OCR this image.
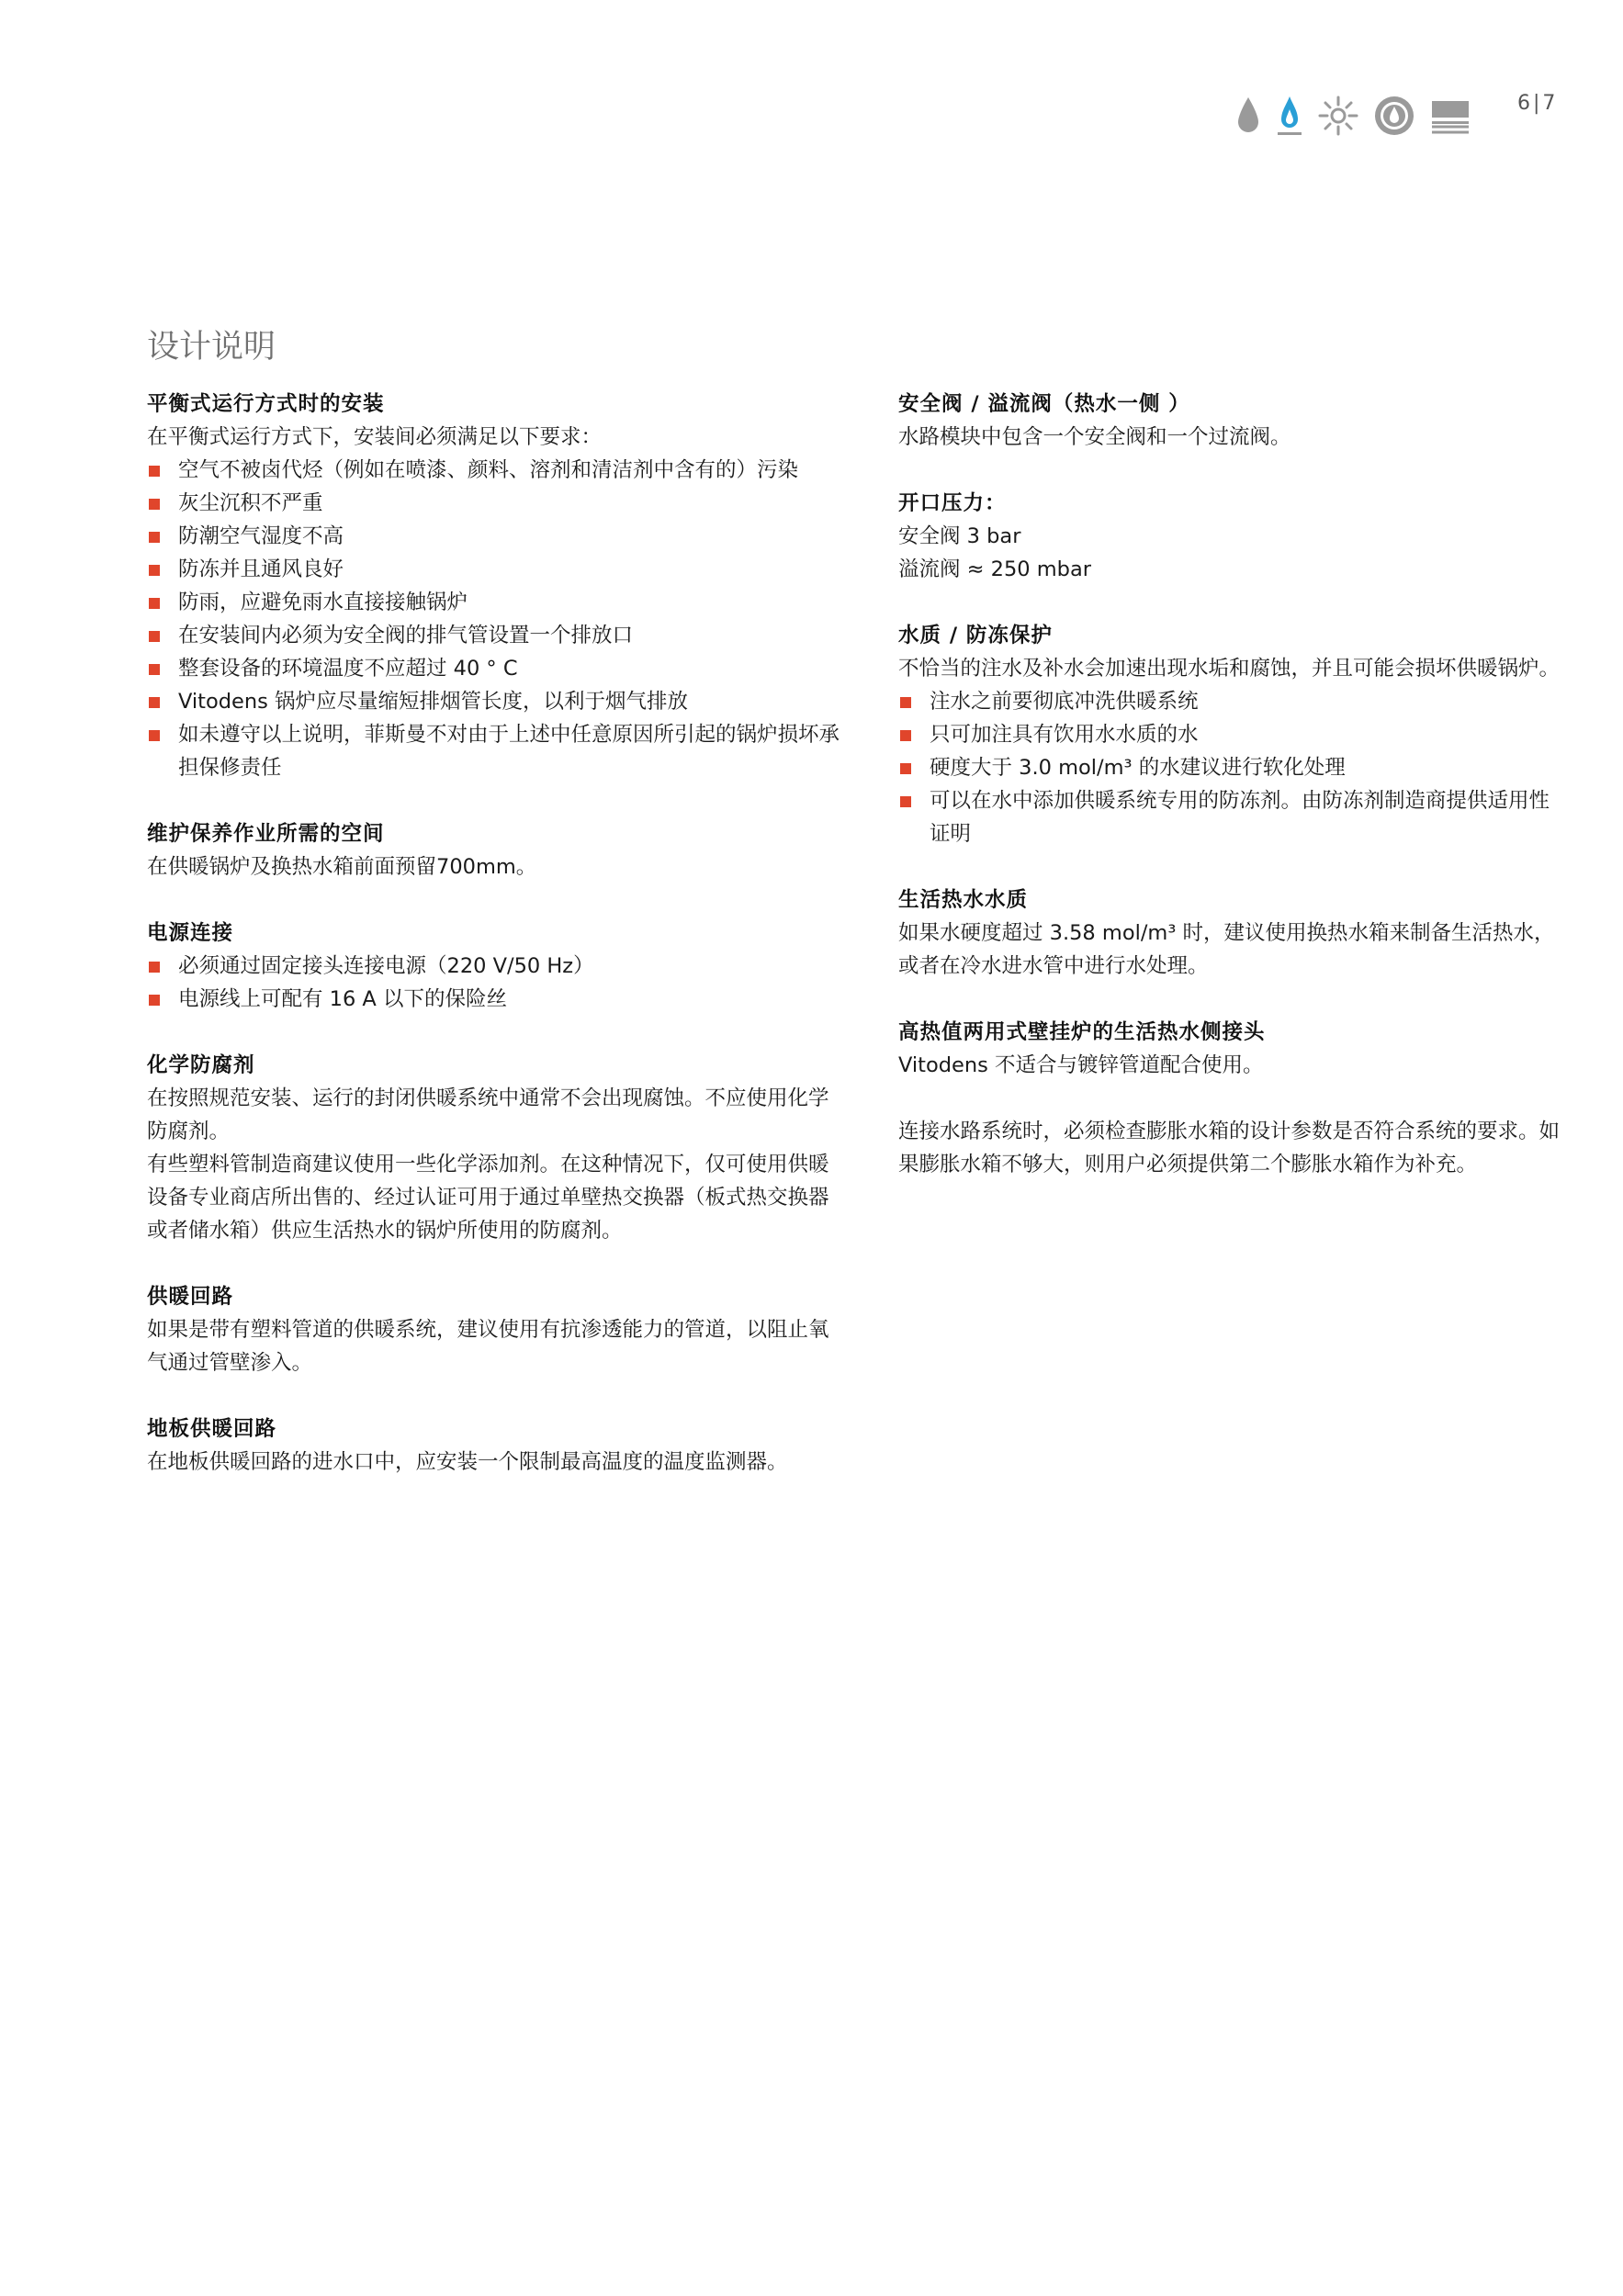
6|7
设计说明
平衡式运行方式时的安装

在平衡式运行方式下，安装间必须满足以下要求：

空气不被卤代烃（例如在喷漆、颜料、溶剂和清洁剂中含有的）污染
灰尘沉积不严重
防潮空气湿度不高
防冻并且通风良好
防雨，应避免雨水直接接触锅炉
在安装间内必须为安全阀的排气管设置一个排放口
整套设备的环境温度不应超过 40 ° C
Vitodens 锅炉应尽量缩短排烟管长度，以利于烟气排放
如未遵守以上说明，菲斯曼不对由于上述中任意原因所引起的锅炉损坏承担保修责任
维护保养作业所需的空间

在供暖锅炉及换热水箱前面预留700mm。

电源连接
必须通过固定接头连接电源（220 V/50 Hz）
电源线上可配有 16 A 以下的保险丝
化学防腐剂

在按照规范安装、运行的封闭供暖系统中通常不会出现腐蚀。不应使用化学防腐剂。

有些塑料管制造商建议使用一些化学添加剂。在这种情况下，仅可使用供暖设备专业商店所出售的、经过认证可用于通过单壁热交换器（板式热交换器或者储水箱）供应生活热水的锅炉所使用的防腐剂。

供暖回路

如果是带有塑料管道的供暖系统，建议使用有抗渗透能力的管道，以阻止氧气通过管壁渗入。

地板供暖回路

在地板供暖回路的进水口中，应安装一个限制最高温度的温度监测器。

安全阀 / 溢流阀（热水一侧 ）

水路模块中包含一个安全阀和一个过流阀。

开口压力：

安全阀 3 bar

溢流阀 ≈ 250 mbar

水质 / 防冻保护

不恰当的注水及补水会加速出现水垢和腐蚀，并且可能会损坏供暖锅炉。

注水之前要彻底冲洗供暖系统
只可加注具有饮用水水质的水
硬度大于 3.0 mol/m³ 的水建议进行软化处理
可以在水中添加供暖系统专用的防冻剂。由防冻剂制造商提供适用性证明
生活热水水质

如果水硬度超过 3.58 mol/m³ 时，建议使用换热水箱来制备生活热水，或者在冷水进水管中进行水处理。

高热值两用式壁挂炉的生活热水侧接头

Vitodens 不适合与镀锌管道配合使用。

连接水路系统时，必须检查膨胀水箱的设计参数是否符合系统的要求。如果膨胀水箱不够大，则用户必须提供第二个膨胀水箱作为补充。
